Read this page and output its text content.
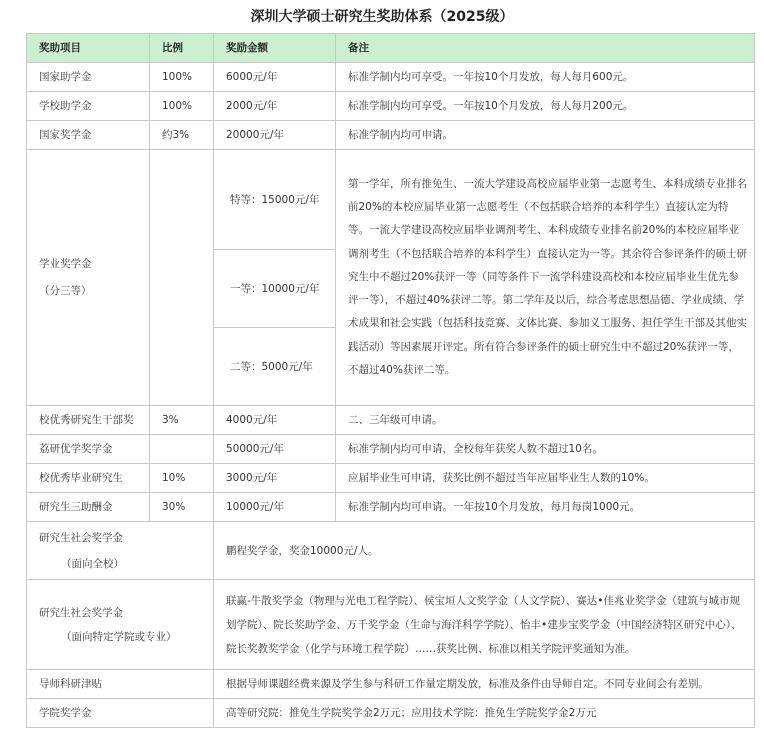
深圳大学硕士研究生奖助体系（2025级）
奖助项目	比例	奖励金额	备注
国家助学金	100%	6000元/年	标准学制内均可享受。一年按10个月发放，每人每月600元。
学校助学金	100%	2000元/年	标准学制内均可享受。一年按10个月发放，每人每月200元。
国家奖学金	约3%	20000元/年	标准学制内均可申请。

学业奖学金
（分三等）		特等：15000元/年	第一学年，所有推免生、一流大学建设高校应届毕业第一志愿考生、本科成绩专业排名前20%的本校应届毕业第一志愿考生（不包括联合培养的本科学生）直接认定为特等。一流大学建设高校应届毕业调剂考生、本科成绩专业排名前20%的本校应届毕业调剂考生（不包括联合培养的本科学生）直接认定为一等。其余符合参评条件的硕士研究生中不超过20%获评一等（同等条件下一流学科建设高校和本校应届毕业生优先参评一等），不超过40%获评二等。第二学年及以后，综合考虑思想品德、学业成绩、学术成果和社会实践（包括科技竞赛、文体比赛、参加义工服务、担任学生干部及其他实践活动）等因素展开评定。所有符合参评条件的硕士研究生中不超过20%获评一等，不超过40%获评二等。
		一等：10000元/年	
		二等：5000元/年	
校优秀研究生干部奖	3%	4000元/年	二、三年级可申请。
荔研优学奖学金		50000元/年	标准学制内均可申请，全校每年获奖人数不超过10名。
校优秀毕业研究生	10%	3000元/年	应届毕业生可申请，获奖比例不超过当年应届毕业生人数的10%。
研究生三助酬金	30%	10000元/年	标准学制内均可申请。一年按10个月发放，每月每岗1000元。

研究生社会奖学金
（面向全校）		鹏程奖学金，奖金10000元/人。	

研究生社会奖学金
（面向特定学院或专业）		联赢-牛散奖学金（物理与光电工程学院）、侯宝垣人文奖学金（人文学院）、赛达•佳兆业奖学金（建筑与城市规划学院）、院长奖助学金、万千奖学金（生命与海洋科学学院）、怡丰•建步宝奖学金（中国经济特区研究中心）、院长奖教奖学金（化学与环境工程学院）……获奖比例、标准以相关学院评奖通知为准。	
导师科研津贴		根据导师课题经费来源及学生参与科研工作量定期发放，标准及条件由导师自定。不同专业间会有差别。	
学院奖学金		高等研究院：推免生学院奖学金2万元；应用技术学院：推免生学院奖学金2万元	
